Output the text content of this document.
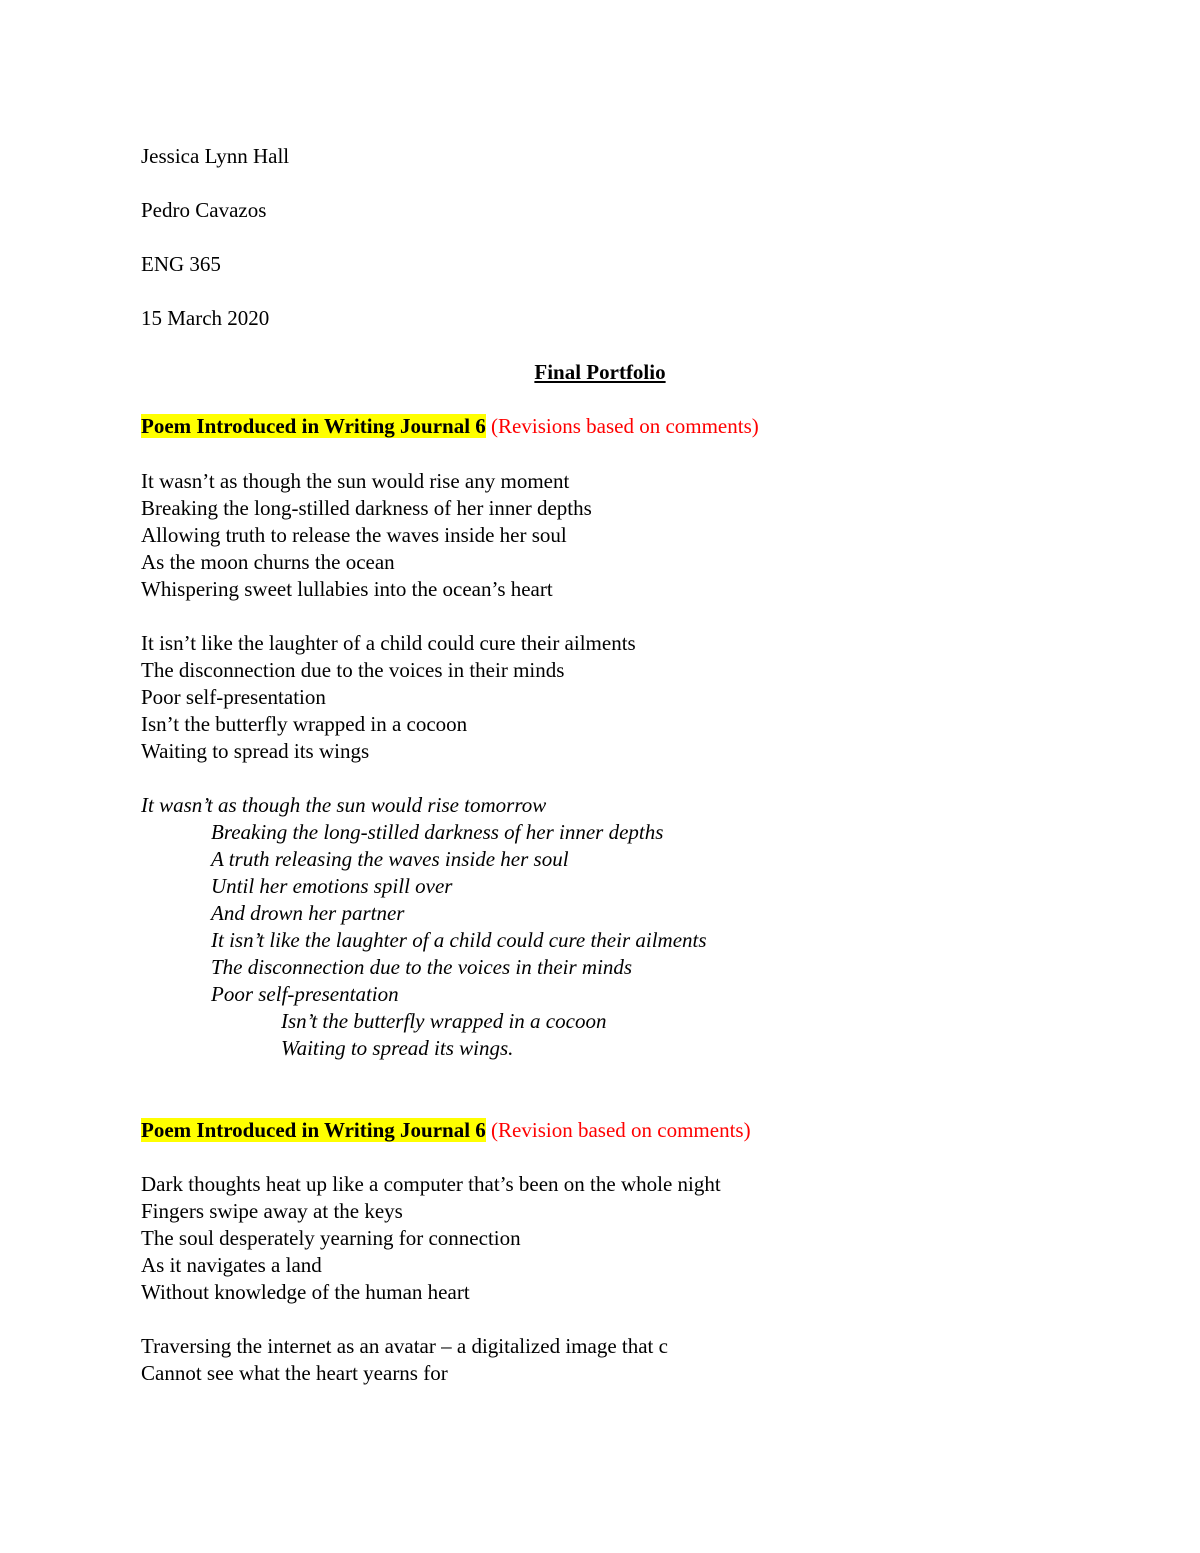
Jessica Lynn Hall
Pedro Cavazos
ENG 365
15 March 2020
Final Portfolio
Poem Introduced in Writing Journal 6 (Revisions based on comments)
It wasn’t as though the sun would rise any moment
Breaking the long-stilled darkness of her inner depths
Allowing truth to release the waves inside her soul
As the moon churns the ocean
Whispering sweet lullabies into the ocean’s heart
It isn’t like the laughter of a child could cure their ailments
The disconnection due to the voices in their minds
Poor self-presentation
Isn’t the butterfly wrapped in a cocoon
Waiting to spread its wings
It wasn’t as though the sun would rise tomorrow
Breaking the long-stilled darkness of her inner depths
A truth releasing the waves inside her soul
Until her emotions spill over
And drown her partner
It isn’t like the laughter of a child could cure their ailments
The disconnection due to the voices in their minds
Poor self-presentation
Isn’t the butterfly wrapped in a cocoon
Waiting to spread its wings.
Poem Introduced in Writing Journal 6 (Revision based on comments)
Dark thoughts heat up like a computer that’s been on the whole night
Fingers swipe away at the keys
The soul desperately yearning for connection
As it navigates a land
Without knowledge of the human heart
Traversing the internet as an avatar – a digitalized image that c
Cannot see what the heart yearns for
